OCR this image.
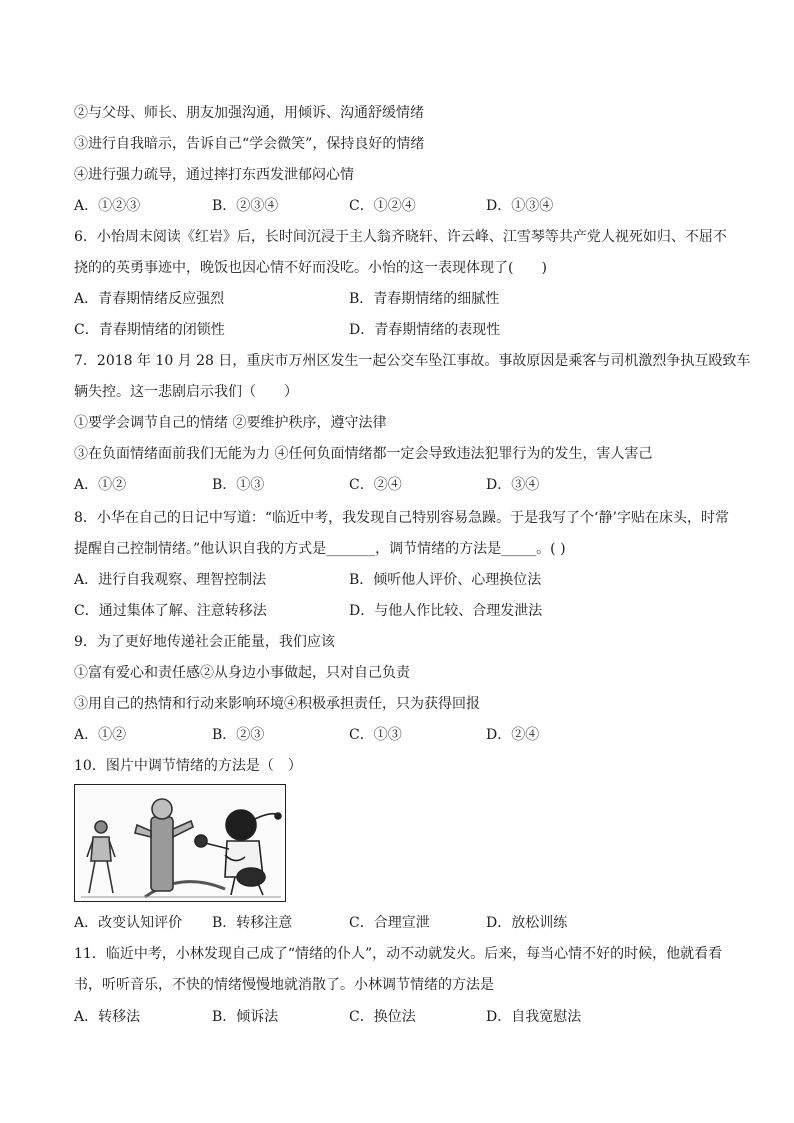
②与父母、师长、朋友加强沟通，用倾诉、沟通舒缓情绪
③进行自我暗示，告诉自己“学会微笑”，保持良好的情绪
④进行强力疏导，通过摔打东西发泄郁闷心情
A．①②③	B．②③④	C．①②④	D．①③④
6．小怡周末阅读《红岩》后，长时间沉浸于主人翁齐晓轩、许云峰、江雪琴等共产党人视死如归、不屈不
挠的的英勇事迹中，晚饭也因心情不好而没吃。小怡的这一表现体现了(　　)
A．青春期情绪反应强烈	B．青春期情绪的细腻性
C．青春期情绪的闭锁性	D．青春期情绪的表现性
7．2018 年 10 月 28 日，重庆市万州区发生一起公交车坠江事故。事故原因是乘客与司机激烈争执互殴致车
辆失控。这一悲剧启示我们（　　）
①要学会调节自己的情绪 ②要维护秩序，遵守法律
③在负面情绪面前我们无能为力 ④任何负面情绪都一定会导致违法犯罪行为的发生，害人害己
A．①②	B．①③	C．②④	D．③④
8．小华在自己的日记中写道：“临近中考，我发现自己特别容易急躁。于是我写了个‘静’字贴在床头，时常
提醒自己控制情绪。”他认识自我的方式是_______，调节情绪的方法是_____。( )
A．进行自我观察、理智控制法	B．倾听他人评价、心理换位法
C．通过集体了解、注意转移法	D．与他人作比较、合理发泄法
9．为了更好地传递社会正能量，我们应该
①富有爱心和责任感②从身边小事做起，只对自己负责
③用自己的热情和行动来影响环境④积极承担责任，只为获得回报
A．①②	B．②③	C．①③	D．②④
10．图片中调节情绪的方法是（　）
A．改变认知评价 B．转移注意	C．合理宣泄	D．放松训练
11．临近中考，小林发现自己成了“情绪的仆人”，动不动就发火。后来，每当心情不好的时候，他就看看
书，听听音乐，不快的情绪慢慢地就消散了。小林调节情绪的方法是
A．转移法	B．倾诉法	C．换位法	D．自我宽慰法
